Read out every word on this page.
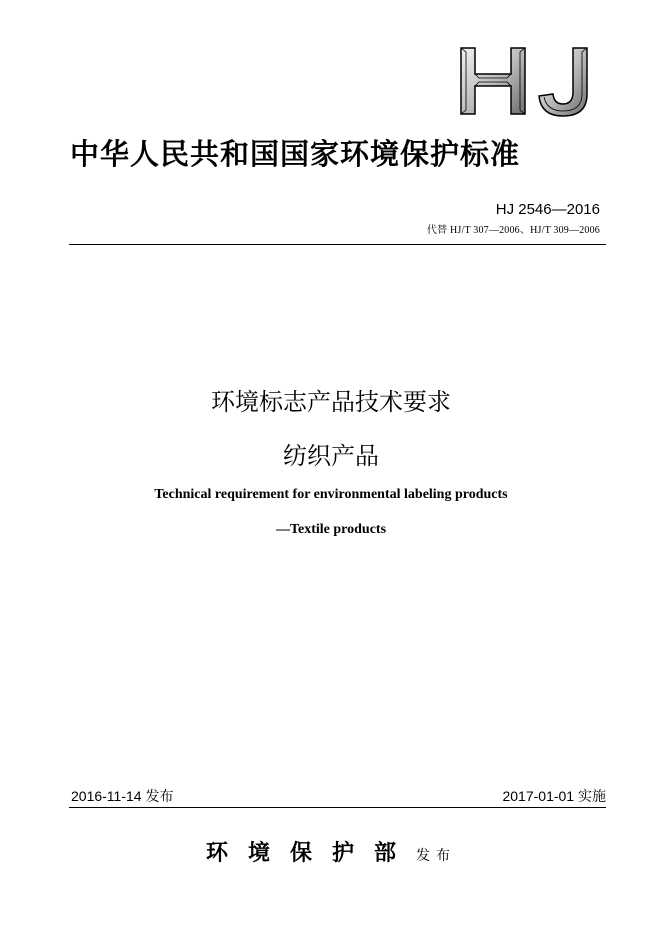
中华人民共和国国家环境保护标准
HJ 2546—2016
代替 HJ/T 307—2006、HJ/T 309—2006
环境标志产品技术要求
纺织产品
Technical requirement for environmental labeling products
—Textile products
2016-11-14 发布	2017-01-01 实施
环境保护部发布
